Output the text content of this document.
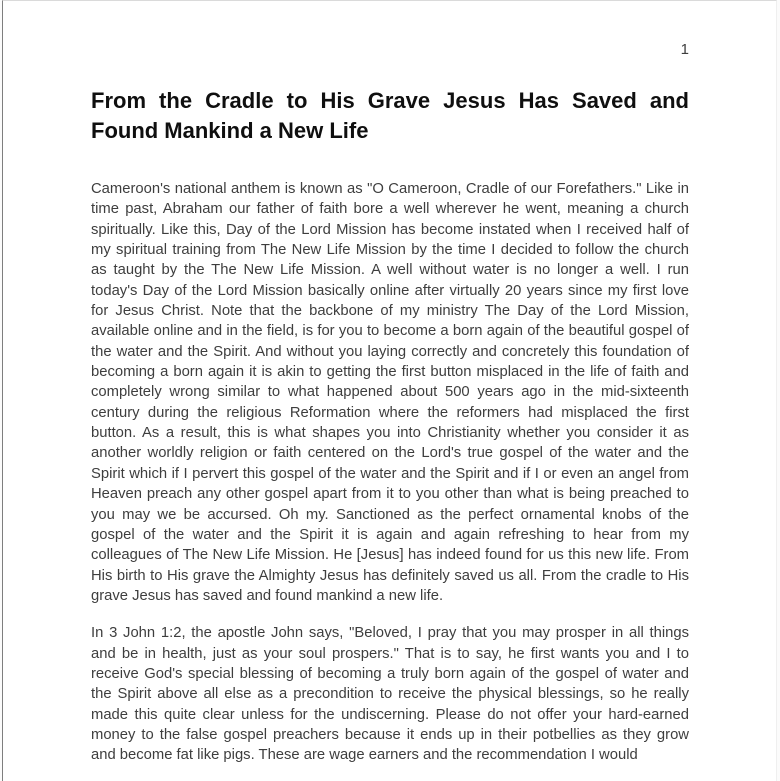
1
From the Cradle to His Grave Jesus Has Saved and Found Mankind a New Life

Cameroon's national anthem is known as "O Cameroon, Cradle of our Forefathers." Like in time past, Abraham our father of faith bore a well wherever he went, meaning a church spiritually. Like this, Day of the Lord Mission has become instated when I received half of my spiritual training from The New Life Mission by the time I decided to follow the church as taught by the The New Life Mission. A well without water is no longer a well. I run today's Day of the Lord Mission basically online after virtually 20 years since my first love for Jesus Christ. Note that the backbone of my ministry The Day of the Lord Mission, available online and in the field, is for you to become a born again of the beautiful gospel of the water and the Spirit. And without you laying correctly and concretely this foundation of becoming a born again it is akin to getting the first button misplaced in the life of faith and completely wrong similar to what happened about 500 years ago in the mid-sixteenth century during the religious Reformation where the reformers had misplaced the first button. As a result, this is what shapes you into Christianity whether you consider it as another worldly religion or faith centered on the Lord's true gospel of the water and the Spirit which if I pervert this gospel of the water and the Spirit and if I or even an angel from Heaven preach any other gospel apart from it to you other than what is being preached to you may we be accursed. Oh my. Sanctioned as the perfect ornamental knobs of the gospel of the water and the Spirit it is again and again refreshing to hear from my colleagues of The New Life Mission. He [Jesus] has indeed found for us this new life. From His birth to His grave the Almighty Jesus has definitely saved us all. From the cradle to His grave Jesus has saved and found mankind a new life.

In 3 John 1:2, the apostle John says, "Beloved, I pray that you may prosper in all things and be in health, just as your soul prospers." That is to say, he first wants you and I to receive God's special blessing of becoming a truly born again of the gospel of water and the Spirit above all else as a precondition to receive the physical blessings, so he really made this quite clear unless for the undiscerning. Please do not offer your hard-earned money to the false gospel preachers because it ends up in their potbellies as they grow and become fat like pigs. These are wage earners and the recommendation I would
